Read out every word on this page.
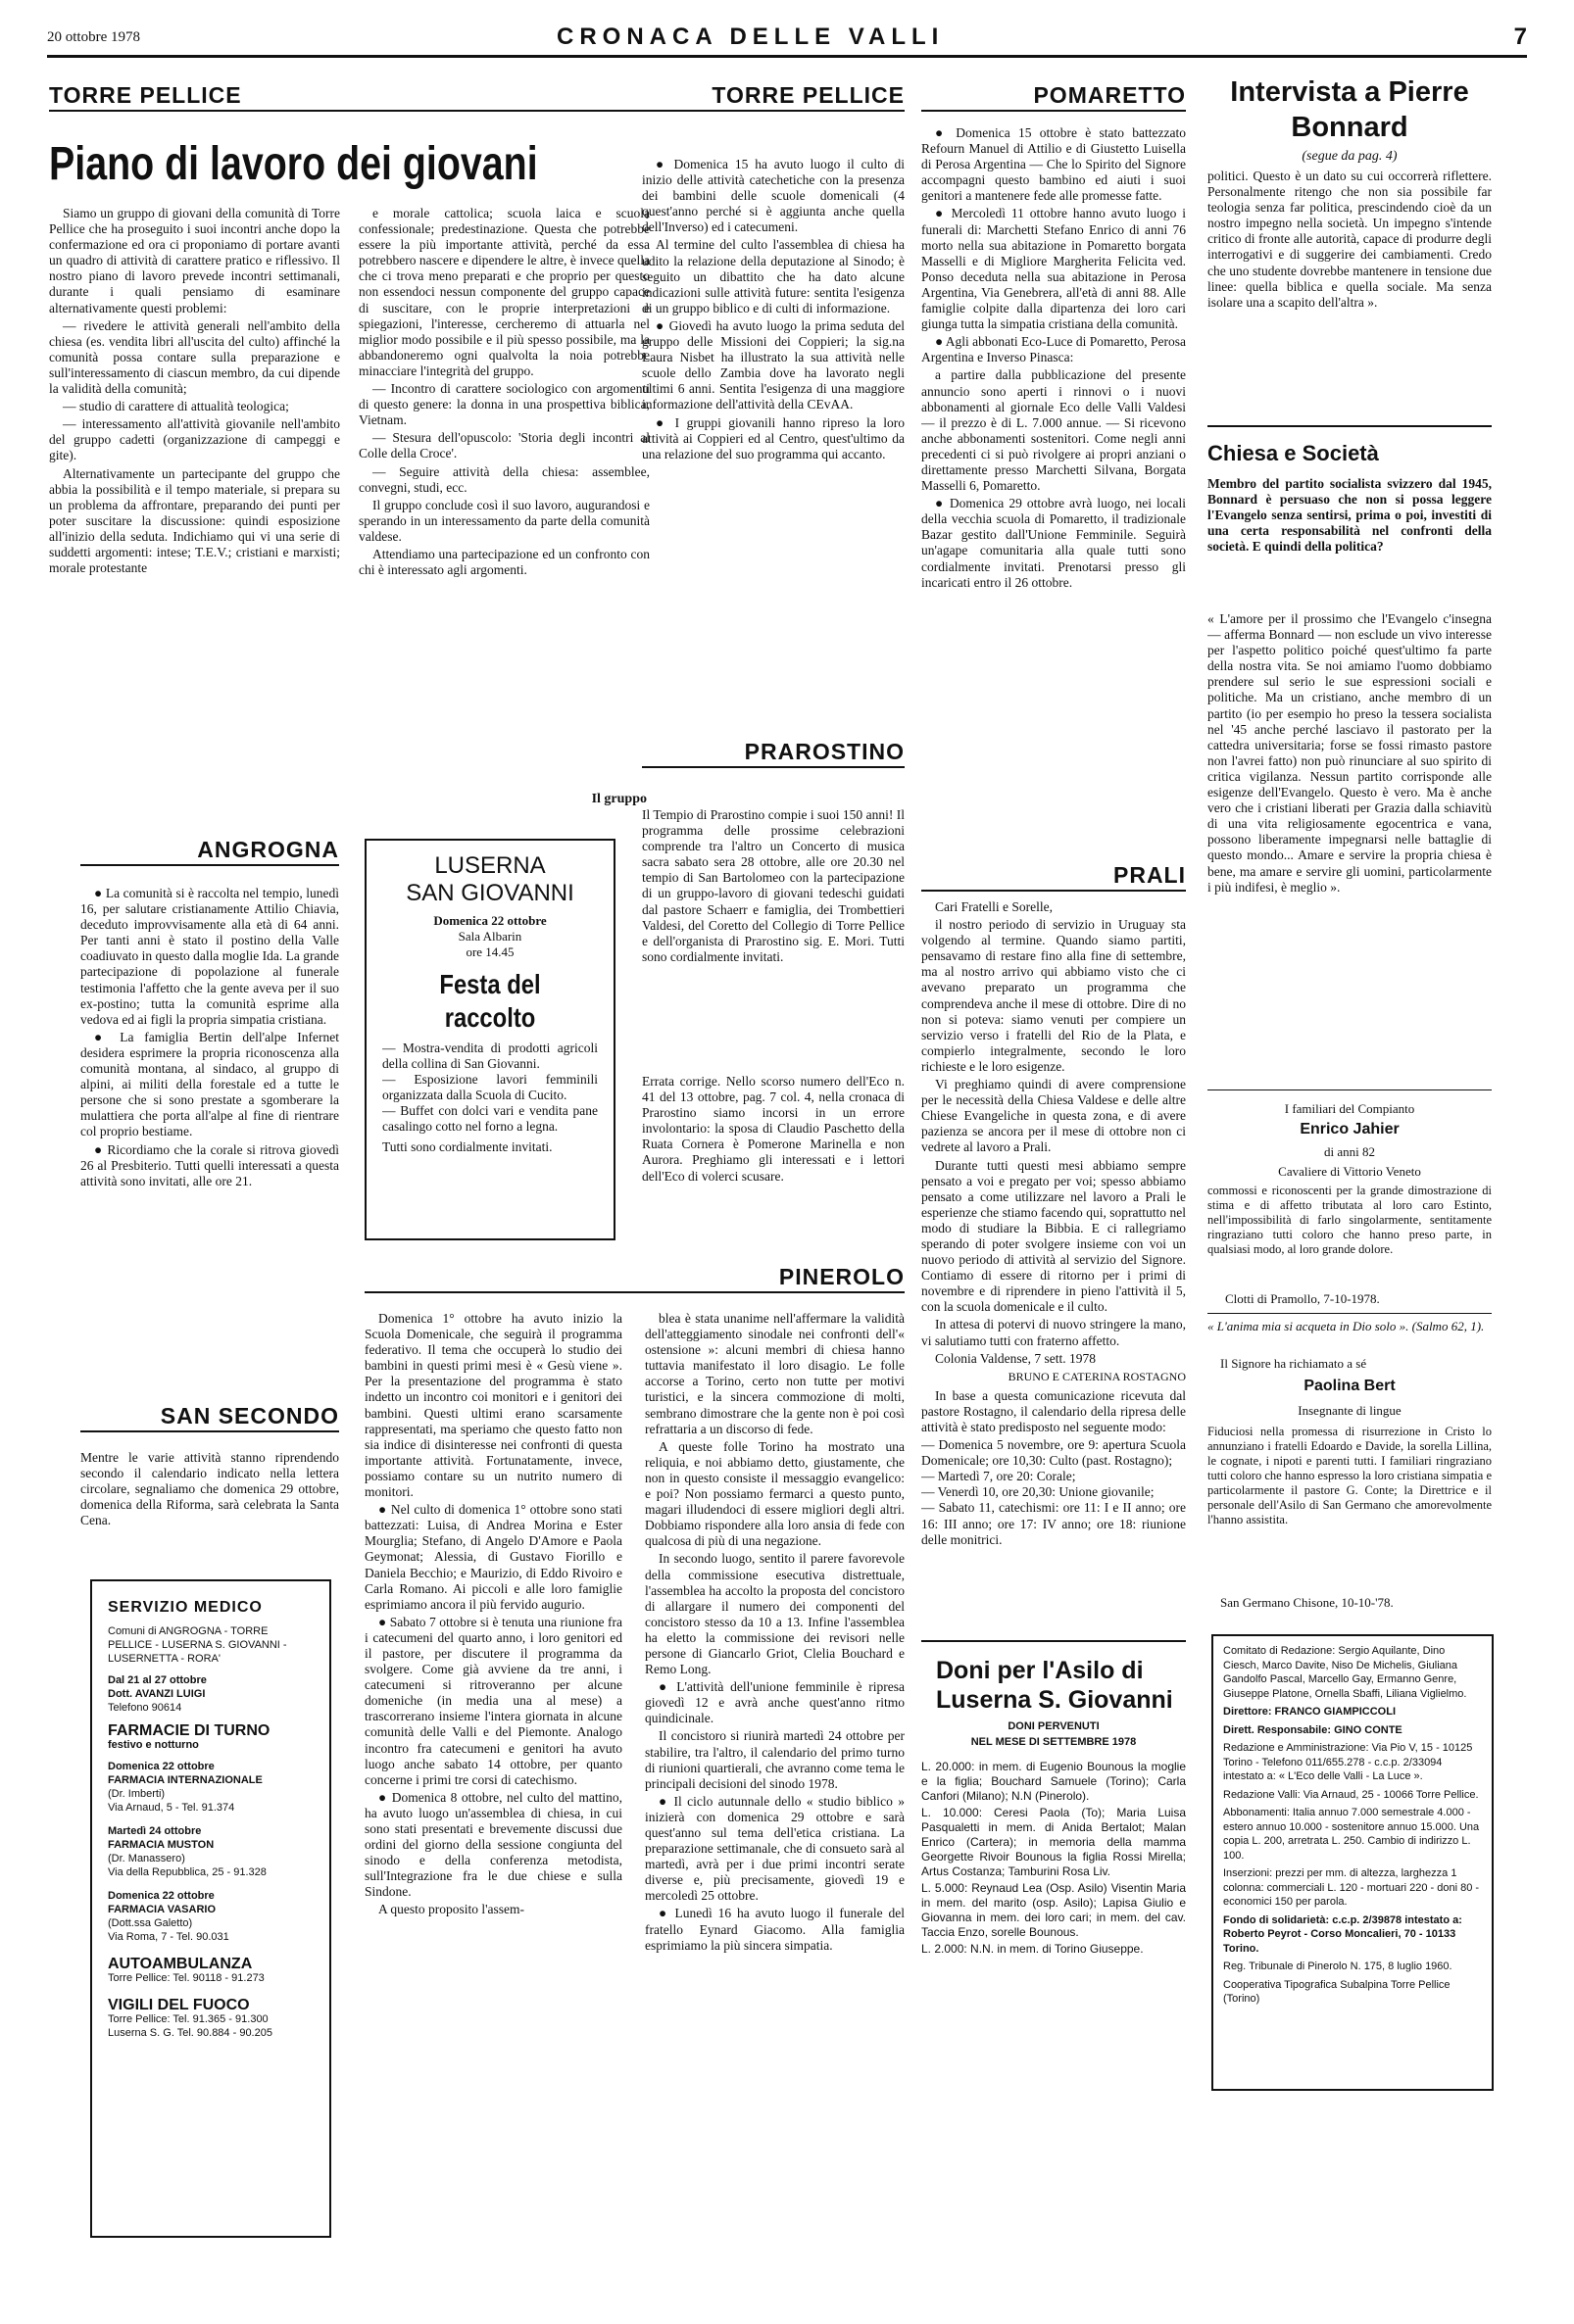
20 ottobre 1978	CRONACA DELLE VALLI	7
TORRE PELLICE
Piano di lavoro dei giovani

Siamo un gruppo di giovani della comunità di Torre Pellice che ha proseguito i suoi incontri anche dopo la confermazione ed ora ci proponiamo di portare avanti un quadro di attività di carattere pratico e riflessivo. Il nostro piano di lavoro prevede incontri settimanali, durante i quali pensiamo di esaminare alternativamente questi problemi:

— rivedere le attività generali nell'ambito della chiesa (es. vendita libri all'uscita del culto) affinché la comunità possa contare sulla preparazione e sull'interessamento di ciascun membro, da cui dipende la validità della comunità;

— studio di carattere di attualità teologica;

— interessamento all'attività giovanile nell'ambito del gruppo cadetti (organizzazione di campeggi e gite).

Alternativamente un partecipante del gruppo che abbia la possibilità e il tempo materiale, si prepara su un problema da affrontare, preparando dei punti per poter suscitare la discussione: quindi esposizione all'inizio della seduta. Indichiamo qui vi una serie di suddetti argomenti: intese; T.E.V.; cristiani e marxisti; morale protestante

e morale cattolica; scuola laica e scuola confessionale; predestinazione. Questa che potrebbe essere la più importante attività, perché da essa potrebbero nascere e dipendere le altre, è invece quella che ci trova meno preparati e che proprio per questo non essendoci nessun componente del gruppo capace di suscitare, con le proprie interpretazioni e spiegazioni, l'interesse, cercheremo di attuarla nel miglior modo possibile e il più spesso possibile, ma la abbandoneremo ogni qualvolta la noia potrebbe minacciare l'integrità del gruppo.

— Incontro di carattere sociologico con argomenti di questo genere: la donna in una prospettiva biblica, Vietnam.

— Stesura dell'opuscolo: 'Storia degli incontri al Colle della Croce'.

— Seguire attività della chiesa: assemblee, convegni, studi, ecc.

Il gruppo conclude così il suo lavoro, augurandosi e sperando in un interessamento da parte della comunità valdese.

Attendiamo una partecipazione ed un confronto con chi è interessato agli argomenti.

Il gruppo
TORRE PELLICE

● Domenica 15 ha avuto luogo il culto di inizio delle attività catechetiche con la presenza dei bambini delle scuole domenicali (4 quest'anno perché si è aggiunta anche quella dell'Inverso) ed i catecumeni.

Al termine del culto l'assemblea di chiesa ha udito la relazione della deputazione al Sinodo; è seguito un dibattito che ha dato alcune indicazioni sulle attività future: sentita l'esigenza di un gruppo biblico e di culti di informazione.

● Giovedì ha avuto luogo la prima seduta del gruppo delle Missioni dei Coppieri; la sig.na Laura Nisbet ha illustrato la sua attività nelle scuole dello Zambia dove ha lavorato negli ultimi 6 anni. Sentita l'esigenza di una maggiore informazione dell'attività della CEvAA.

● I gruppi giovanili hanno ripreso la loro attività ai Coppieri ed al Centro, quest'ultimo da una relazione del suo programma qui accanto.

POMARETTO

● Domenica 15 ottobre è stato battezzato Refourn Manuel di Attilio e di Giustetto Luisella di Perosa Argentina — Che lo Spirito del Signore accompagni questo bambino ed aiuti i suoi genitori a mantenere fede alle promesse fatte.

● Mercoledì 11 ottobre hanno avuto luogo i funerali di: Marchetti Stefano Enrico di anni 76 morto nella sua abitazione in Pomaretto borgata Masselli e di Migliore Margherita Felicita ved. Ponso deceduta nella sua abitazione in Perosa Argentina, Via Genebrera, all'età di anni 88. Alle famiglie colpite dalla dipartenza dei loro cari giunga tutta la simpatia cristiana della comunità.

● Agli abbonati Eco-Luce di Pomaretto, Perosa Argentina e Inverso Pinasca:

a partire dalla pubblicazione del presente annuncio sono aperti i rinnovi o i nuovi abbonamenti al giornale Eco delle Valli Valdesi — il prezzo è di L. 7.000 annue. — Si ricevono anche abbonamenti sostenitori. Come negli anni precedenti ci si può rivolgere ai propri anziani o direttamente presso Marchetti Silvana, Borgata Masselli 6, Pomaretto.

● Domenica 29 ottobre avrà luogo, nei locali della vecchia scuola di Pomaretto, il tradizionale Bazar gestito dall'Unione Femminile. Seguirà un'agape comunitaria alla quale tutti sono cordialmente invitati. Prenotarsi presso gli incaricati entro il 26 ottobre.

Intervista a Pierre Bonnard
(segue da pag. 4)
politici. Questo è un dato su cui occorrerà riflettere. Personalmente ritengo che non sia possibile far teologia senza far politica, prescindendo cioè da un nostro impegno nella società. Un impegno s'intende critico di fronte alle autorità, capace di produrre degli interrogativi e di suggerire dei cambiamenti. Credo che uno studente dovrebbe mantenere in tensione due linee: quella biblica e quella sociale. Ma senza isolare una a scapito dell'altra ».
Chiesa e Società
Membro del partito socialista svizzero dal 1945, Bonnard è persuaso che non si possa leggere l'Evangelo senza sentirsi, prima o poi, investiti di una certa responsabilità nel confronti della società. E quindi della politica?
« L'amore per il prossimo che l'Evangelo c'insegna — afferma Bonnard — non esclude un vivo interesse per l'aspetto politico poiché quest'ultimo fa parte della nostra vita. Se noi amiamo l'uomo dobbiamo prendere sul serio le sue espressioni sociali e politiche. Ma un cristiano, anche membro di un partito (io per esempio ho preso la tessera socialista nel '45 anche perché lasciavo il pastorato per la cattedra universitaria; forse se fossi rimasto pastore non l'avrei fatto) non può rinunciare al suo spirito di critica vigilanza. Nessun partito corrisponde alle esigenze dell'Evangelo. Questo è vero. Ma è anche vero che i cristiani liberati per Grazia dalla schiavitù di una vita religiosamente egocentrica e vana, possono liberamente impegnarsi nelle battaglie di questo mondo... Amare e servire la propria chiesa è bene, ma amare e servire gli uomini, particolarmente i più indifesi, è meglio ».
I familiari del Compianto
Enrico Jahier
di anni 82
Cavaliere di Vittorio Veneto
commossi e riconoscenti per la grande dimostrazione di stima e di affetto tributata al loro caro Estinto, nell'impossibilità di farlo singolarmente, sentitamente ringraziano tutti coloro che hanno preso parte, in qualsiasi modo, al loro grande dolore.
Clotti di Pramollo, 7-10-1978.
« L'anima mia si acqueta in Dio solo ». (Salmo 62, 1).
Il Signore ha richiamato a sé
Paolina Bert
Insegnante di lingue
Fiduciosi nella promessa di risurrezione in Cristo lo annunziano i fratelli Edoardo e Davide, la sorella Lillina, le cognate, i nipoti e parenti tutti. I familiari ringraziano tutti coloro che hanno espresso la loro cristiana simpatia e particolarmente il pastore G. Conte; la Direttrice e il personale dell'Asilo di San Germano che amorevolmente l'hanno assistita.
San Germano Chisone, 10-10-'78.
Comitato di Redazione: Sergio Aquilante, Dino Ciesch, Marco Davite, Niso De Michelis, Giuliana Gandolfo Pascal, Marcello Gay, Ermanno Genre, Giuseppe Platone, Ornella Sbaffi, Liliana Viglielmo.
Direttore: FRANCO GIAMPICCOLI
Dirett. Responsabile: GINO CONTE
Redazione e Amministrazione: Via Pio V, 15 - 10125 Torino - Telefono 011/655.278 - c.c.p. 2/33094 intestato a: « L'Eco delle Valli - La Luce ».
Redazione Valli: Via Arnaud, 25 - 10066 Torre Pellice.
Abbonamenti: Italia annuo 7.000 semestrale 4.000 - estero annuo 10.000 - sostenitore annuo 15.000. Una copia L. 200, arretrata L. 250. Cambio di indirizzo L. 100.
Inserzioni: prezzi per mm. di altezza, larghezza 1 colonna: commerciali L. 120 - mortuari 220 - doni 80 - economici 150 per parola.
Fondo di solidarietà: c.c.p. 2/39878 intestato a: Roberto Peyrot - Corso Moncalieri, 70 - 10133 Torino.
Reg. Tribunale di Pinerolo N. 175, 8 luglio 1960.
Cooperativa Tipografica Subalpina Torre Pellice (Torino)
ANGROGNA

● La comunità si è raccolta nel tempio, lunedì 16, per salutare cristianamente Attilio Chiavia, deceduto improvvisamente alla età di 64 anni. Per tanti anni è stato il postino della Valle coadiuvato in questo dalla moglie Ida. La grande partecipazione di popolazione al funerale testimonia l'affetto che la gente aveva per il suo ex-postino; tutta la comunità esprime alla vedova ed ai figli la propria simpatia cristiana.

● La famiglia Bertin dell'alpe Infernet desidera esprimere la propria riconoscenza alla comunità montana, al sindaco, al gruppo di alpini, ai militi della forestale ed a tutte le persone che si sono prestate a sgomberare la mulattiera che porta all'alpe al fine di rientrare col proprio bestiame.

● Ricordiamo che la corale si ritrova giovedì 26 al Presbiterio. Tutti quelli interessati a questa attività sono invitati, alle ore 21.

SAN SECONDO
Mentre le varie attività stanno riprendendo secondo il calendario indicato nella lettera circolare, segnaliamo che domenica 29 ottobre, domenica della Riforma, sarà celebrata la Santa Cena.
SERVIZIO MEDICO
Comuni di ANGROGNA - TORRE PELLICE - LUSERNA S. GIOVANNI - LUSERNETTA - RORA'
Dal 21 al 27 ottobre
Dott. AVANZI LUIGI
Telefono 90614
FARMACIE DI TURNO
festivo e notturno
Domenica 22 ottobre
FARMACIA INTERNAZIONALE
(Dr. Imberti)
Via Arnaud, 5 - Tel. 91.374
Martedì 24 ottobre
FARMACIA MUSTON
(Dr. Manassero)
Via della Repubblica, 25 - 91.328
Domenica 22 ottobre
FARMACIA VASARIO
(Dott.ssa Galetto)
Via Roma, 7 - Tel. 90.031
AUTOAMBULANZA
Torre Pellice: Tel. 90118 - 91.273
VIGILI DEL FUOCO
Torre Pellice: Tel. 91.365 - 91.300
Luserna S. G. Tel. 90.884 - 90.205
LUSERNA
SAN GIOVANNI
Domenica 22 ottobre
Sala Albarin
ore 14.45
Festa del raccolto
— Mostra-vendita di prodotti agricoli della collina di San Giovanni.
— Esposizione lavori femminili organizzata dalla Scuola di Cucito.
— Buffet con dolci vari e vendita pane casalingo cotto nel forno a legna.
Tutti sono cordialmente invitati.
PRAROSTINO
Il Tempio di Prarostino compie i suoi 150 anni! Il programma delle prossime celebrazioni comprende tra l'altro un Concerto di musica sacra sabato sera 28 ottobre, alle ore 20.30 nel tempio di San Bartolomeo con la partecipazione di un gruppo-lavoro di giovani tedeschi guidati dal pastore Schaerr e famiglia, dei Trombettieri Valdesi, del Coretto del Collegio di Torre Pellice e dell'organista di Prarostino sig. E. Mori. Tutti sono cordialmente invitati.
Errata corrige. Nello scorso numero dell'Eco n. 41 del 13 ottobre, pag. 7 col. 4, nella cronaca di Prarostino siamo incorsi in un errore involontario: la sposa di Claudio Paschetto della Ruata Cornera è Pomerone Marinella e non Aurora. Preghiamo gli interessati e i lettori dell'Eco di volerci scusare.
PRALI

Cari Fratelli e Sorelle,

il nostro periodo di servizio in Uruguay sta volgendo al termine. Quando siamo partiti, pensavamo di restare fino alla fine di settembre, ma al nostro arrivo qui abbiamo visto che ci avevano preparato un programma che comprendeva anche il mese di ottobre. Dire di no non si poteva: siamo venuti per compiere un servizio verso i fratelli del Rio de la Plata, e compierlo integralmente, secondo le loro richieste e le loro esigenze.

Vi preghiamo quindi di avere comprensione per le necessità della Chiesa Valdese e delle altre Chiese Evangeliche in questa zona, e di avere pazienza se ancora per il mese di ottobre non ci vedrete al lavoro a Prali.

Durante tutti questi mesi abbiamo sempre pensato a voi e pregato per voi; spesso abbiamo pensato a come utilizzare nel lavoro a Prali le esperienze che stiamo facendo qui, soprattutto nel modo di studiare la Bibbia. E ci rallegriamo sperando di poter svolgere insieme con voi un nuovo periodo di attività al servizio del Signore. Contiamo di essere di ritorno per i primi di novembre e di riprendere in pieno l'attività il 5, con la scuola domenicale e il culto.

In attesa di potervi di nuovo stringere la mano, vi salutiamo tutti con fraterno affetto.

Colonia Valdense, 7 sett. 1978

BRUNO E CATERINA ROSTAGNO

In base a questa comunicazione ricevuta dal pastore Rostagno, il calendario della ripresa delle attività è stato predisposto nel seguente modo:

— Domenica 5 novembre, ore 9: apertura Scuola Domenicale; ore 10,30: Culto (past. Rostagno);
— Martedì 7, ore 20: Corale;
— Venerdì 10, ore 20,30: Unione giovanile;
— Sabato 11, catechismi: ore 11: I e II anno; ore 16: III anno; ore 17: IV anno; ore 18: riunione delle monitrici.
Doni per l'Asilo di Luserna S. Giovanni
DONI PERVENUTI
NEL MESE DI SETTEMBRE 1978
L. 20.000: in mem. di Eugenio Bounous la moglie e la figlia; Bouchard Samuele (Torino); Carla Canfori (Milano); N.N (Pinerolo).
L. 10.000: Ceresi Paola (To); Maria Luisa Pasqualetti in mem. di Anida Bertalot; Malan Enrico (Cartera); in memoria della mamma Georgette Rivoir Bounous la figlia Rossi Mirella; Artus Costanza; Tamburini Rosa Liv.
L. 5.000: Reynaud Lea (Osp. Asilo) Visentin Maria in mem. del marito (osp. Asilo); Lapisa Giulio e Giovanna in mem. dei loro cari; in mem. del cav. Taccia Enzo, sorelle Bounous.
L. 2.000: N.N. in mem. di Torino Giuseppe.
PINEROLO

Domenica 1° ottobre ha avuto inizio la Scuola Domenicale, che seguirà il programma federativo. Il tema che occuperà lo studio dei bambini in questi primi mesi è « Gesù viene ». Per la presentazione del programma è stato indetto un incontro coi monitori e i genitori dei bambini. Questi ultimi erano scarsamente rappresentati, ma speriamo che questo fatto non sia indice di disinteresse nei confronti di questa importante attività. Fortunatamente, invece, possiamo contare su un nutrito numero di monitori.

● Nel culto di domenica 1° ottobre sono stati battezzati: Luisa, di Andrea Morina e Ester Mourglia; Stefano, di Angelo D'Amore e Paola Geymonat; Alessia, di Gustavo Fiorillo e Daniela Becchio; e Maurizio, di Eddo Rivoiro e Carla Romano. Ai piccoli e alle loro famiglie esprimiamo ancora il più fervido augurio.

● Sabato 7 ottobre si è tenuta una riunione fra i catecumeni del quarto anno, i loro genitori ed il pastore, per discutere il programma da svolgere. Come già avviene da tre anni, i catecumeni si ritroveranno per alcune domeniche (in media una al mese) a trascorrerano insieme l'intera giornata in alcune comunità delle Valli e del Piemonte. Analogo incontro fra catecumeni e genitori ha avuto luogo anche sabato 14 ottobre, per quanto concerne i primi tre corsi di catechismo.

● Domenica 8 ottobre, nel culto del mattino, ha avuto luogo un'assemblea di chiesa, in cui sono stati presentati e brevemente discussi due ordini del giorno della sessione congiunta del sinodo e della conferenza metodista, sull'Integrazione fra le due chiese e sulla Sindone.

A questo proposito l'assem-

blea è stata unanime nell'affermare la validità dell'atteggiamento sinodale nei confronti dell'« ostensione »: alcuni membri di chiesa hanno tuttavia manifestato il loro disagio. Le folle accorse a Torino, certo non tutte per motivi turistici, e la sincera commozione di molti, sembrano dimostrare che la gente non è poi così refrattaria a un discorso di fede.

A queste folle Torino ha mostrato una reliquia, e noi abbiamo detto, giustamente, che non in questo consiste il messaggio evangelico: e poi? Non possiamo fermarci a questo punto, magari illudendoci di essere migliori degli altri. Dobbiamo rispondere alla loro ansia di fede con qualcosa di più di una negazione.

In secondo luogo, sentito il parere favorevole della commissione esecutiva distrettuale, l'assemblea ha accolto la proposta del concistoro di allargare il numero dei componenti del concistoro stesso da 10 a 13. Infine l'assemblea ha eletto la commissione dei revisori nelle persone di Giancarlo Griot, Clelia Bouchard e Remo Long.

● L'attività dell'unione femminile è ripresa giovedì 12 e avrà anche quest'anno ritmo quindicinale.

Il concistoro si riunirà martedì 24 ottobre per stabilire, tra l'altro, il calendario del primo turno di riunioni quartierali, che avranno come tema le principali decisioni del sinodo 1978.

● Il ciclo autunnale dello « studio biblico » inizierà con domenica 29 ottobre e sarà quest'anno sul tema dell'etica cristiana. La preparazione settimanale, che di consueto sarà al martedì, avrà per i due primi incontri serate diverse e, più precisamente, giovedì 19 e mercoledì 25 ottobre.

● Lunedì 16 ha avuto luogo il funerale del fratello Eynard Giacomo. Alla famiglia esprimiamo la più sincera simpatia.
